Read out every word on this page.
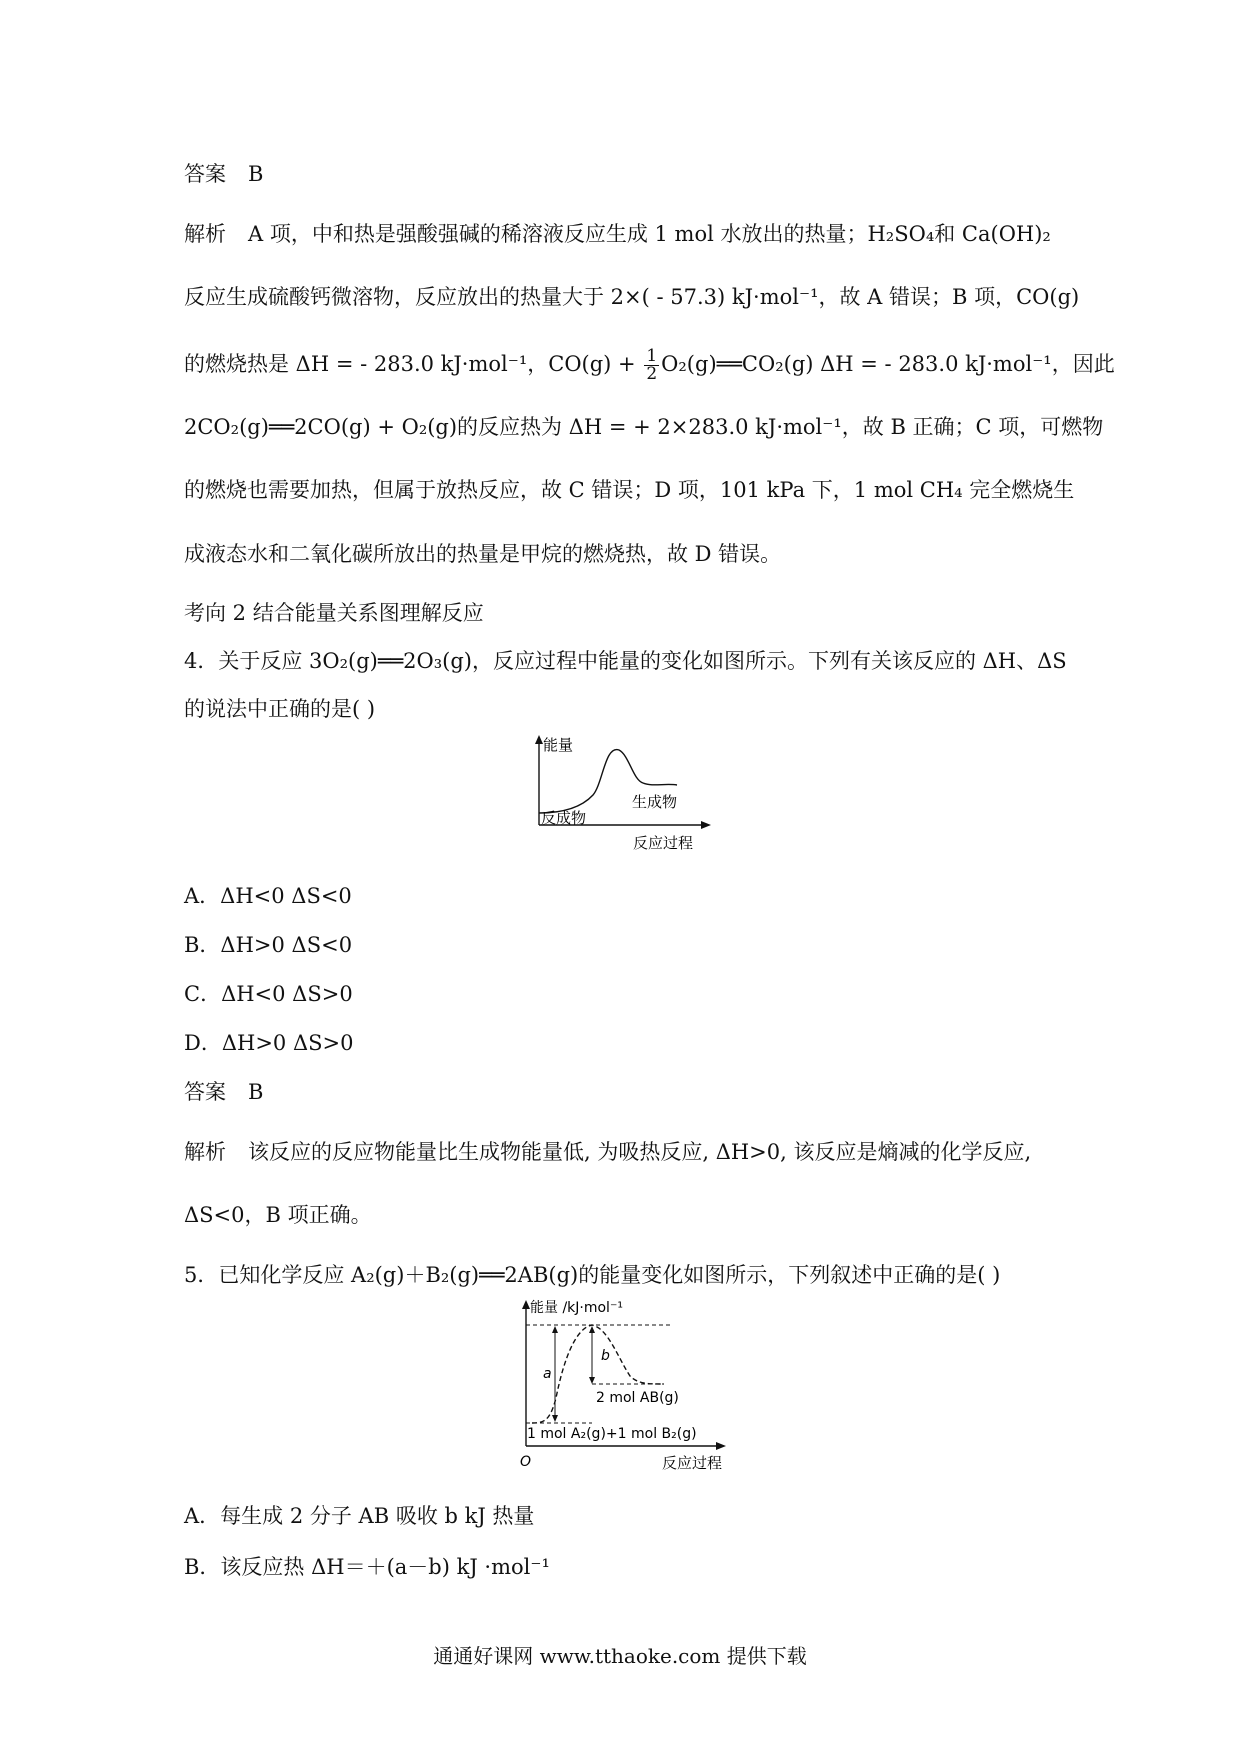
答案 B
解析 A 项，中和热是强酸强碱的稀溶液反应生成 1 mol 水放出的热量；H₂SO₄和 Ca(OH)₂
反应生成硫酸钙微溶物，反应放出的热量大于 2×( - 57.3) kJ·mol⁻¹，故 A 错误；B 项，CO(g)
的燃烧热是 ΔH = - 283.0 kJ·mol⁻¹，$CO(g) + \frac{1}{2}$ O₂(g)══CO₂(g) ΔH = - 283.0 kJ·mol⁻¹，因此
2CO₂(g)══2CO(g) + O₂(g)的反应热为 ΔH = + 2×283.0 kJ·mol⁻¹，故 B 正确；C 项，可燃物
的燃烧也需要加热，但属于放热反应，故 C 错误；D 项，101 kPa 下，1 mol CH₄ 完全燃烧生
成液态水和二氧化碳所放出的热量是甲烷的燃烧热，故 D 错误。
考向 2 结合能量关系图理解反应
4．关于反应 3O₂(g)══2O₃(g)，反应过程中能量的变化如图所示。下列有关该反应的 ΔH、ΔS
的说法中正确的是( )
能量
生成物
反成物
反应过程
A．ΔH<0 ΔS<0
B．ΔH>0 ΔS<0
C．ΔH<0 ΔS>0
D．ΔH>0 ΔS>0
答案 B
解析 该反应的反应物能量比生成物能量低, 为吸热反应, ΔH>0, 该反应是熵减的化学反应,
ΔS<0，B 项正确。
5．已知化学反应 A₂(g)＋B₂(g)══2AB(g)的能量变化如图所示，下列叙述中正确的是( )
能量 /kJ·mol⁻¹
a
b
2 mol AB(g)
1 mol A₂(g)+1 mol B₂(g)
O	反应过程
A．每生成 2 分子 AB 吸收 b kJ 热量
B．该反应热 ΔH＝＋(a－b) kJ ·mol⁻¹
通通好课网 www.tthaoke.com 提供下载
